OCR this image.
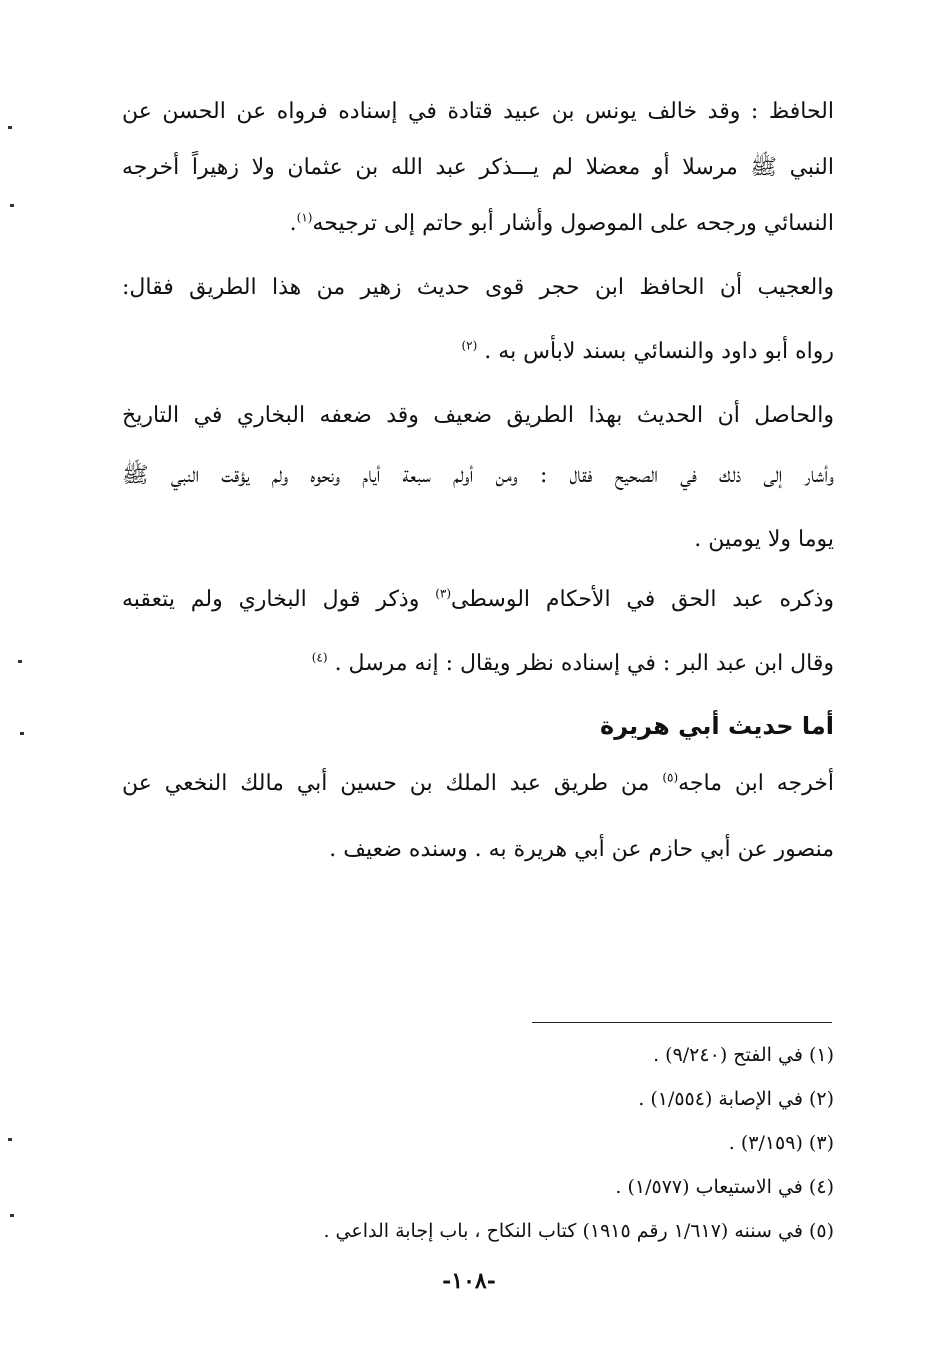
الحافظ : وقد خالف يونس بن عبيد قتادة في إسناده فرواه عن الحسن عن
النبي ﷺ مرسلا أو معضلا لم يـــذكر عبد الله بن عثمان ولا زهيراً أخرجه
النسائي ورجحه على الموصول وأشار أبو حاتم إلى ترجيحه$^{(١)}$.
والعجيب أن الحافظ ابن حجر قوى حديث زهير من هذا الطريق فقال:
رواه أبو داود والنسائي بسند لابأس به . $^{(٢)}$
والحاصل أن الحديث بهذا الطريق ضعيف وقد ضعفه البخاري في التاريخ
وأشار إلى ذلك في الصحيح فقال : ومن أولم سبعة أيام ونحوه ولم يؤقت النبي ﷺ
يوما ولا يومين .
وذكره عبد الحق في الأحكام الوسطى$^{(٣)}$ وذكر قول البخاري ولم يتعقبه
وقال ابن عبد البر : في إسناده نظر ويقال : إنه مرسل . $^{(٤)}$
أما حديث أبي هريرة
أخرجه ابن ماجه$^{(٥)}$ من طريق عبد الملك بن حسين أبي مالك النخعي عن
منصور عن أبي حازم عن أبي هريرة به . وسنده ضعيف .
(١) في الفتح (٩/٢٤٠) .
(٢) في الإصابة (١/٥٥٤) .
(٣) (٣/١٥٩) .
(٤) في الاستيعاب (١/٥٧٧) .
(٥) في سننه (١/٦١٧ رقم ١٩١٥) كتاب النكاح ، باب إجابة الداعي .
-١٠٨-
